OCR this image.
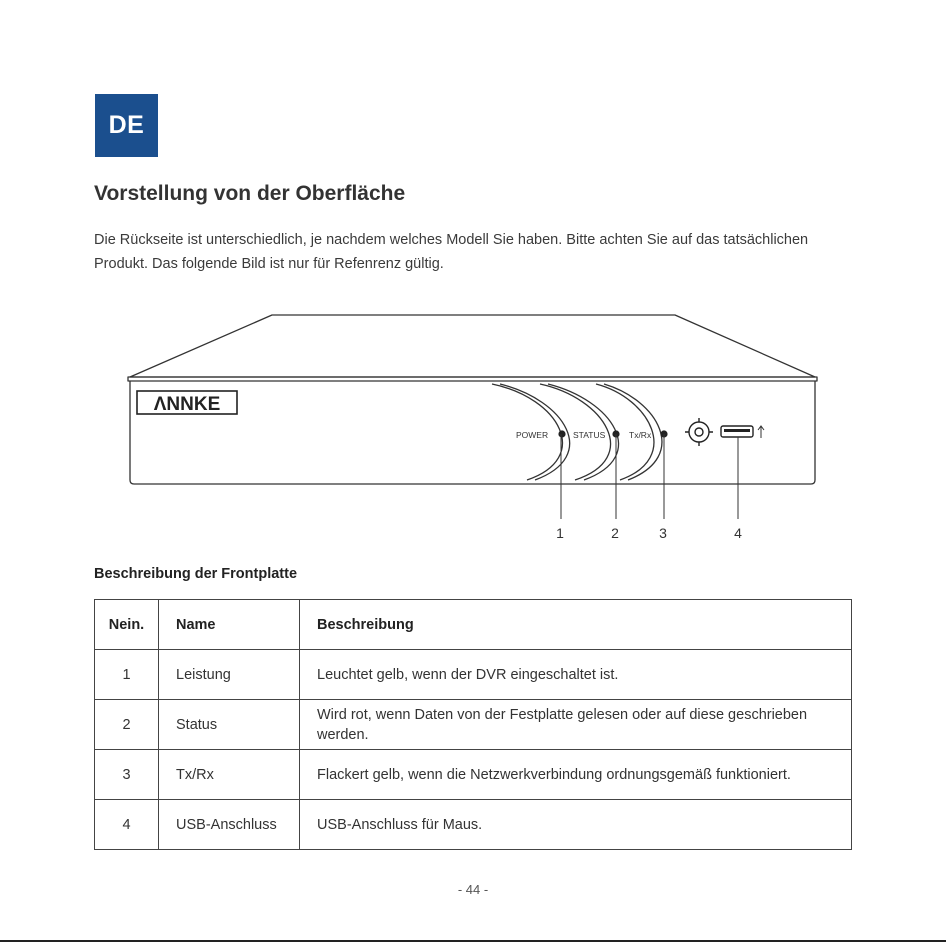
DE
Vorstellung von der Oberfläche

Die Rückseite ist unterschiedlich, je nachdem welches Modell Sie haben. Bitte achten Sie auf das tatsächlichen Produkt. Das folgende Bild ist nur für Refenrenz gültig.

ΛNNKE
POWER	STATUS	Tx/Rx
1	2	3	4
Beschreibung der Frontplatte
Nein.	Name	Beschreibung
1	Leistung	Leuchtet gelb, wenn der DVR eingeschaltet ist.
2	Status	Wird rot, wenn Daten von der Festplatte gelesen oder auf diese geschrieben werden.
3	Tx/Rx	Flackert gelb, wenn die Netzwerkverbindung ordnungsgemäß funktioniert.
4	USB-Anschluss	USB-Anschluss für Maus.
- 44 -
